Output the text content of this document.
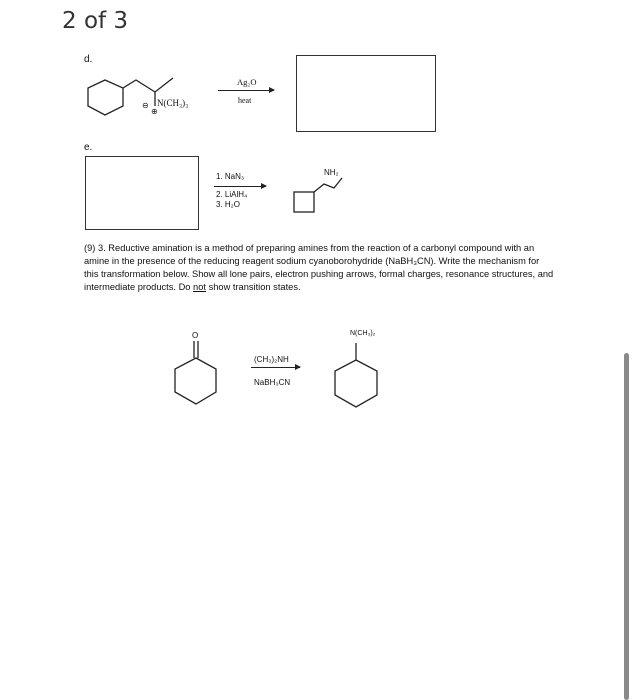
2 of 3
d.
N(CH₃)₃
⊕
⊖
Ag₂O
heat
e.
1. NaN₃
2. LiAlH₄
3. H₂O
NH₂
(9) 3. Reductive amination is a method of preparing amines from the reaction of a carbonyl compound with an amine in the presence of the reducing reagent sodium cyanoborohydride (NaBH₃CN). Write the mechanism for this transformation below. Show all lone pairs, electron pushing arrows, formal charges, resonance structures, and intermediate products. Do not show transition states.
O
(CH₃)₂NH
NaBH₃CN
N(CH₃)₂
